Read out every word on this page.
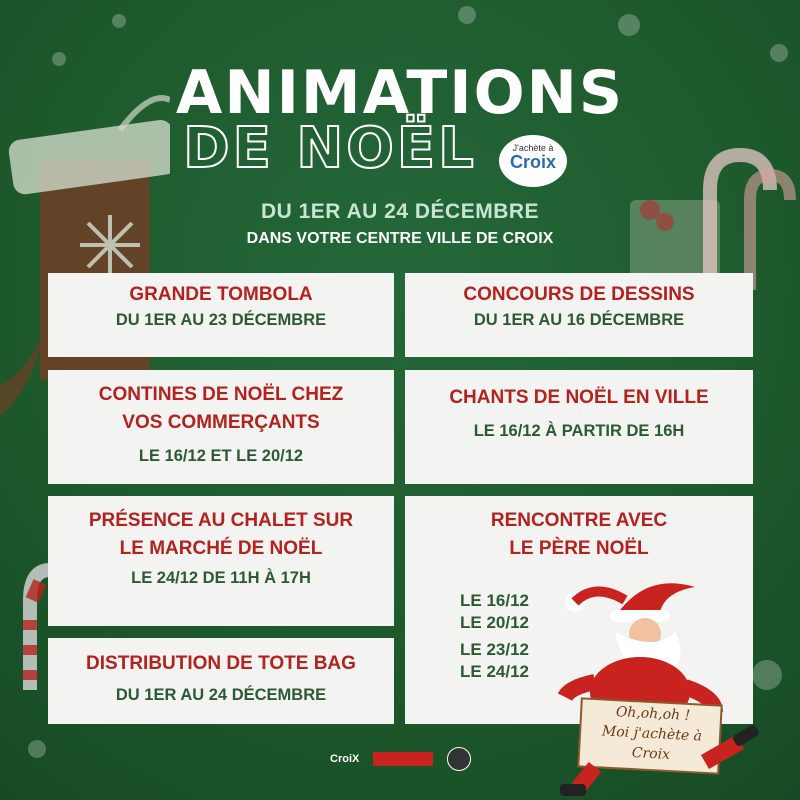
ANIMATIONS
DE NOËL	J'achète à
Croix
DU 1ER AU 24 DÉCEMBRE
DANS VOTRE CENTRE VILLE DE CROIX
GRANDE TOMBOLA
DU 1ER AU 23 DÉCEMBRE
CONCOURS DE DESSINS
DU 1ER AU 16 DÉCEMBRE
CONTINES DE NOËL CHEZ
VOS COMMERÇANTS
LE 16/12 ET LE 20/12
CHANTS DE NOËL EN VILLE
LE 16/12 À PARTIR DE 16H
PRÉSENCE AU CHALET SUR
LE MARCHÉ DE NOËL
LE 24/12 DE 11H À 17H
DISTRIBUTION DE TOTE BAG
DU 1ER AU 24 DÉCEMBRE
RENCONTRE AVEC
LE PÈRE NOËL
LE 16/12
LE 20/12
LE 23/12
LE 24/12
Oh,oh,oh !
Moi j'achète à Croix
CroiX
